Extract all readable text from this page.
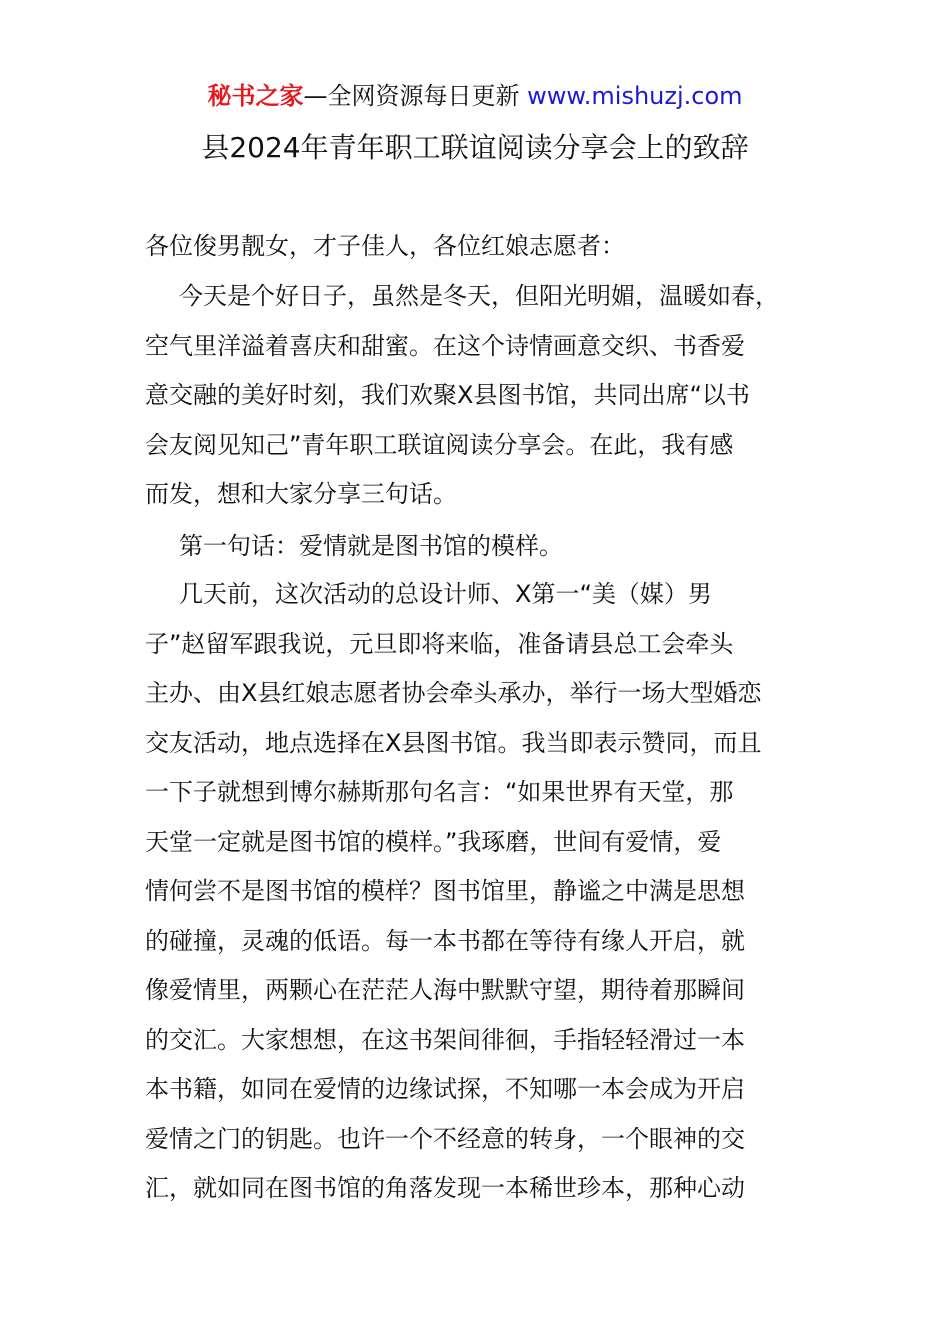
秘书之家—全网资源每日更新 www.mishuzj.com
县2024年青年职工联谊阅读分享会上的致辞
各位俊男靓女，才子佳人，各位红娘志愿者：
今天是个好日子，虽然是冬天，但阳光明媚，温暖如春，
空气里洋溢着喜庆和甜蜜。在这个诗情画意交织、书香爱
意交融的美好时刻，我们欢聚X县图书馆，共同出席“以书
会友阅见知己”青年职工联谊阅读分享会。在此，我有感
而发，想和大家分享三句话。
第一句话：爱情就是图书馆的模样。
几天前，这次活动的总设计师、X第一“美（媒）男
子”赵留军跟我说，元旦即将来临，准备请县总工会牵头
主办、由X县红娘志愿者协会牵头承办，举行一场大型婚恋
交友活动，地点选择在X县图书馆。我当即表示赞同，而且
一下子就想到博尔赫斯那句名言：“如果世界有天堂，那
天堂一定就是图书馆的模样。”我琢磨，世间有爱情，爱
情何尝不是图书馆的模样？图书馆里，静谧之中满是思想
的碰撞，灵魂的低语。每一本书都在等待有缘人开启，就
像爱情里，两颗心在茫茫人海中默默守望，期待着那瞬间
的交汇。大家想想，在这书架间徘徊，手指轻轻滑过一本
本书籍，如同在爱情的边缘试探，不知哪一本会成为开启
爱情之门的钥匙。也许一个不经意的转身，一个眼神的交
汇，就如同在图书馆的角落发现一本稀世珍本，那种心动
